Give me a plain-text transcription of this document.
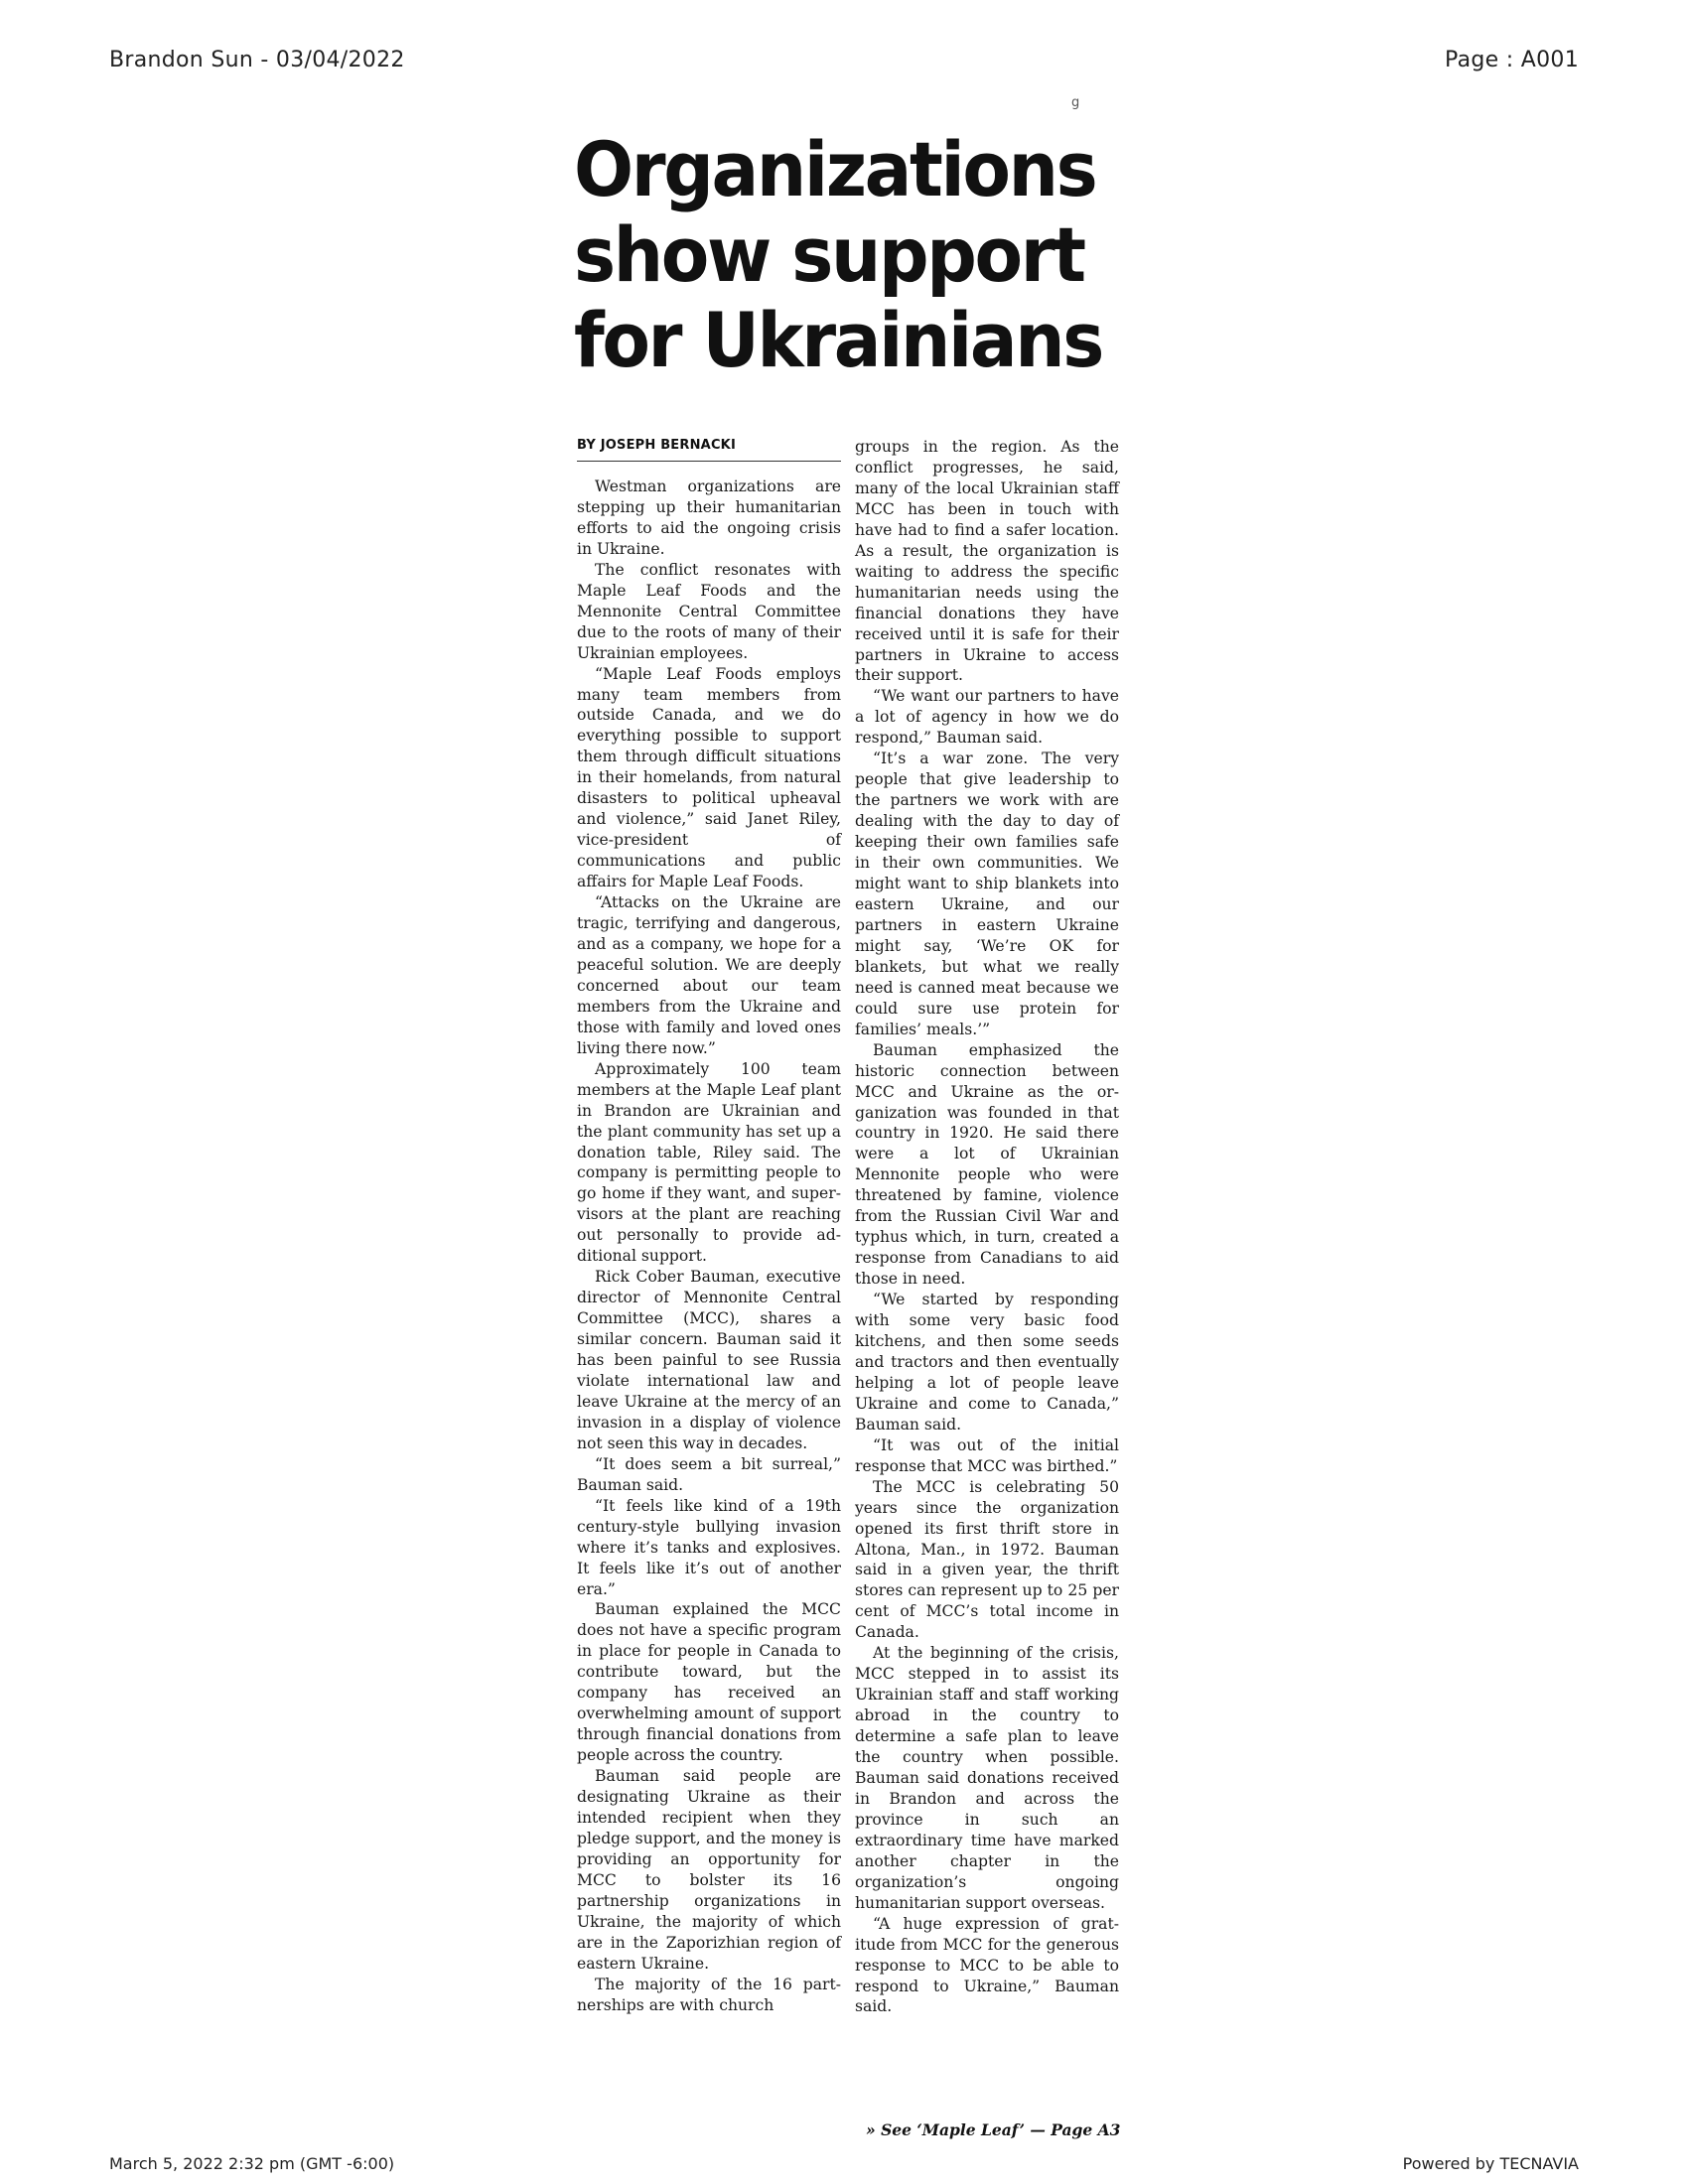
Brandon Sun - 03/04/2022	Page : A001
g
Organizations
show support
for Ukrainians
BY JOSEPH BERNACKI

Westman organizations are stepping up their humanitarian efforts to aid the ongoing crisis in Ukraine.

The conflict resonates with Maple Leaf Foods and the Mennonite Central Committee due to the roots of many of their Ukrainian employees.

“Maple Leaf Foods employs many team members from outside Canada, and we do everything possible to support them through difficult situations in their homelands, from natural disasters to political upheaval and violence,” said Janet Riley, vice-president of communications and public affairs for Maple Leaf Foods.

“Attacks on the Ukraine are tragic, terrifying and dangerous, and as a company, we hope for a peaceful solution. We are deeply concerned about our team members from the Ukraine and those with family and loved ones living there now.”

Approximately 100 team members at the Maple Leaf plant in Brandon are Ukrainian and the plant community has set up a donation table, Riley said. The company is permitting people to go home if they want, and supervisors at the plant are reaching out personally to provide additional support.

Rick Cober Bauman, executive director of Mennonite Central Committee (MCC), shares a similar concern. Bauman said it has been painful to see Russia violate international law and leave Ukraine at the mercy of an invasion in a display of violence not seen this way in decades.

“It does seem a bit surreal,” Bauman said.

“It feels like kind of a 19th century-style bullying invasion where it’s tanks and explosives. It feels like it’s out of another era.”

Bauman explained the MCC does not have a specific program in place for people in Canada to contribute toward, but the company has received an overwhelming amount of support through financial donations from people across the country.

Bauman said people are designating Ukraine as their intended recipient when they pledge support, and the money is providing an opportunity for MCC to bolster its 16 partnership organizations in Ukraine, the majority of which are in the Zaporizhian region of eastern Ukraine.

The majority of the 16 partnerships are with church

groups in the region. As the conflict progresses, he said, many of the local Ukrainian staff MCC has been in touch with have had to find a safer location. As a result, the organization is waiting to address the specific humanitarian needs using the financial donations they have received until it is safe for their partners in Ukraine to access their support.

“We want our partners to have a lot of agency in how we do respond,” Bauman said.

“It’s a war zone. The very people that give leadership to the partners we work with are dealing with the day to day of keeping their own families safe in their own communities. We might want to ship blankets into eastern Ukraine, and our partners in eastern Ukraine might say, ‘We’re OK for blankets, but what we really need is canned meat because we could sure use protein for families’ meals.’”

Bauman emphasized the historic connection between MCC and Ukraine as the organization was founded in that country in 1920. He said there were a lot of Ukrainian Mennonite people who were threatened by famine, violence from the Russian Civil War and typhus which, in turn, created a response from Canadians to aid those in need.

“We started by responding with some very basic food kitchens, and then some seeds and tractors and then eventually helping a lot of people leave Ukraine and come to Canada,” Bauman said.

“It was out of the initial response that MCC was birthed.”

The MCC is celebrating 50 years since the organization opened its first thrift store in Altona, Man., in 1972. Bauman said in a given year, the thrift stores can represent up to 25 per cent of MCC’s total income in Canada.

At the beginning of the crisis, MCC stepped in to assist its Ukrainian staff and staff working abroad in the country to determine a safe plan to leave the country when possible. Bauman said donations received in Brandon and across the province in such an extraordinary time have marked another chapter in the organization’s ongoing humanitarian support overseas.

“A huge expression of gratitude from MCC for the generous response to MCC to be able to respond to Ukraine,” Bauman said.

» See ‘Maple Leaf’ — Page A3
March 5, 2022 2:32 pm (GMT -6:00)	Powered by TECNAVIA
